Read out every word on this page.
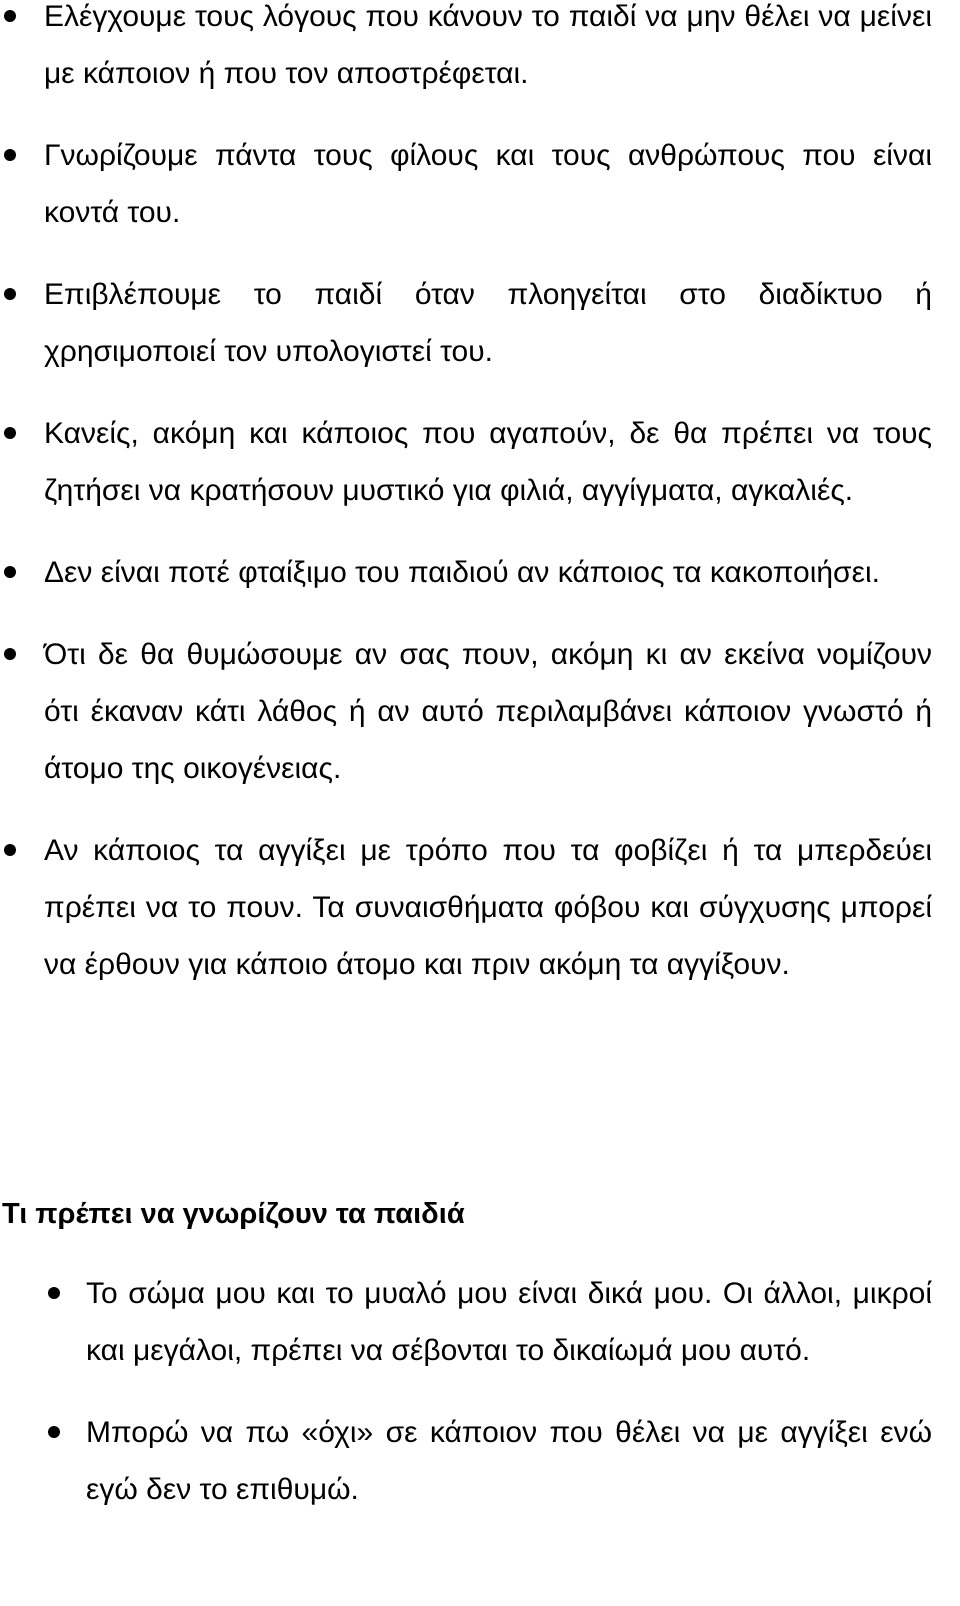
Ελέγχουμε τους λόγους που κάνουν το παιδί να μην θέλει να μείνει με κάποιον ή που τον αποστρέφεται.
Γνωρίζουμε πάντα τους φίλους και τους ανθρώπους που είναι κοντά του.
Επιβλέπουμε το παιδί όταν πλοηγείται στο διαδίκτυο ή χρησιμοποιεί τον υπολογιστεί του.
Κανείς, ακόμη και κάποιος που αγαπούν, δε θα πρέπει να τους ζητήσει να κρατήσουν μυστικό για φιλιά, αγγίγματα, αγκαλιές.
Δεν είναι ποτέ φταίξιμο του παιδιού αν κάποιος τα κακοποιήσει.
Ότι δε θα θυμώσουμε αν σας πουν, ακόμη κι αν εκείνα νομίζουν ότι έκαναν κάτι λάθος ή αν αυτό περιλαμβάνει κάποιον γνωστό ή άτομο της οικογένειας.
Αν κάποιος τα αγγίξει με τρόπο που τα φοβίζει ή τα μπερδεύει πρέπει να το πουν. Τα συναισθήματα φόβου και σύγχυσης μπορεί να έρθουν για κάποιο άτομο και πριν ακόμη τα αγγίξουν.
Τι πρέπει να γνωρίζουν τα παιδιά
Το σώμα μου και το μυαλό μου είναι δικά μου. Οι άλλοι, μικροί και μεγάλοι, πρέπει να σέβονται το δικαίωμά μου αυτό.
Μπορώ να πω «όχι» σε κάποιον που θέλει να με αγγίξει ενώ εγώ δεν το επιθυμώ.
